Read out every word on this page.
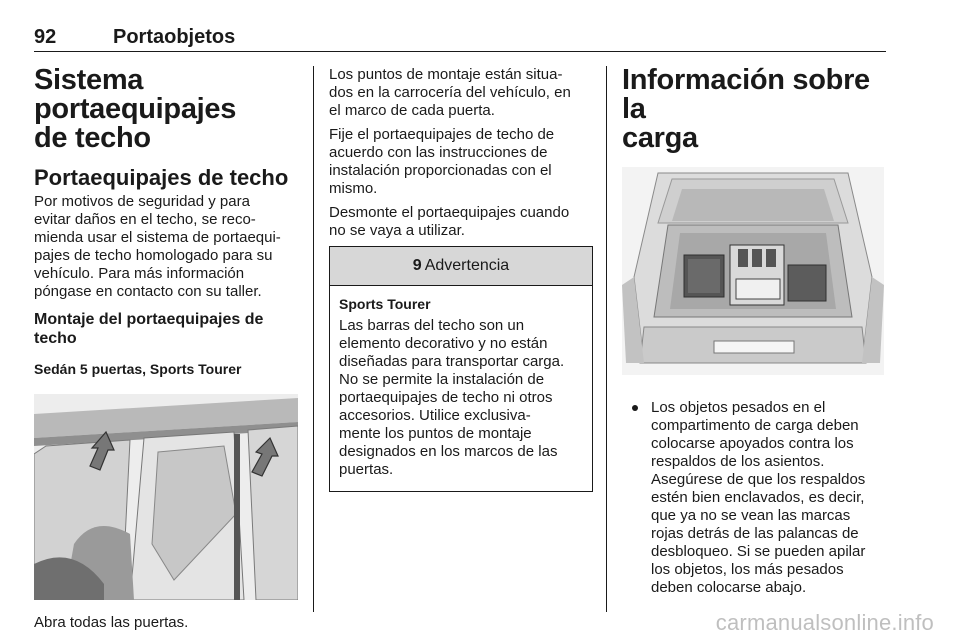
92	Portaobjetos
Sistema portaequipajes
de techo
Portaequipajes de techo

Por motivos de seguridad y para
evitar daños en el techo, se reco-
mienda usar el sistema de portaequi-
pajes de techo homologado para su
vehículo. Para más información
póngase en contacto con su taller.

Montaje del portaequipajes de
techo
Sedán 5 puertas, Sports Tourer

Abra todas las puertas.

Los puntos de montaje están situa-
dos en la carrocería del vehículo, en
el marco de cada puerta.

Fije el portaequipajes de techo de
acuerdo con las instrucciones de
instalación proporcionadas con el
mismo.

Desmonte el portaequipajes cuando
no se vaya a utilizar.

9 Advertencia
Sports Tourer

Las barras del techo son un
elemento decorativo y no están
diseñadas para transportar carga.
No se permite la instalación de
portaequipajes de techo ni otros
accesorios. Utilice exclusiva-
mente los puntos de montaje
designados en los marcos de las
puertas.

Información sobre la
carga

Los objetos pesados en el
compartimento de carga deben
colocarse apoyados contra los
respaldos de los asientos.
Asegúrese de que los respaldos
estén bien enclavados, es decir,
que ya no se vean las marcas
rojas detrás de las palancas de
desbloqueo. Si se pueden apilar
los objetos, los más pesados
deben colocarse abajo.

carmanualsonline.info
